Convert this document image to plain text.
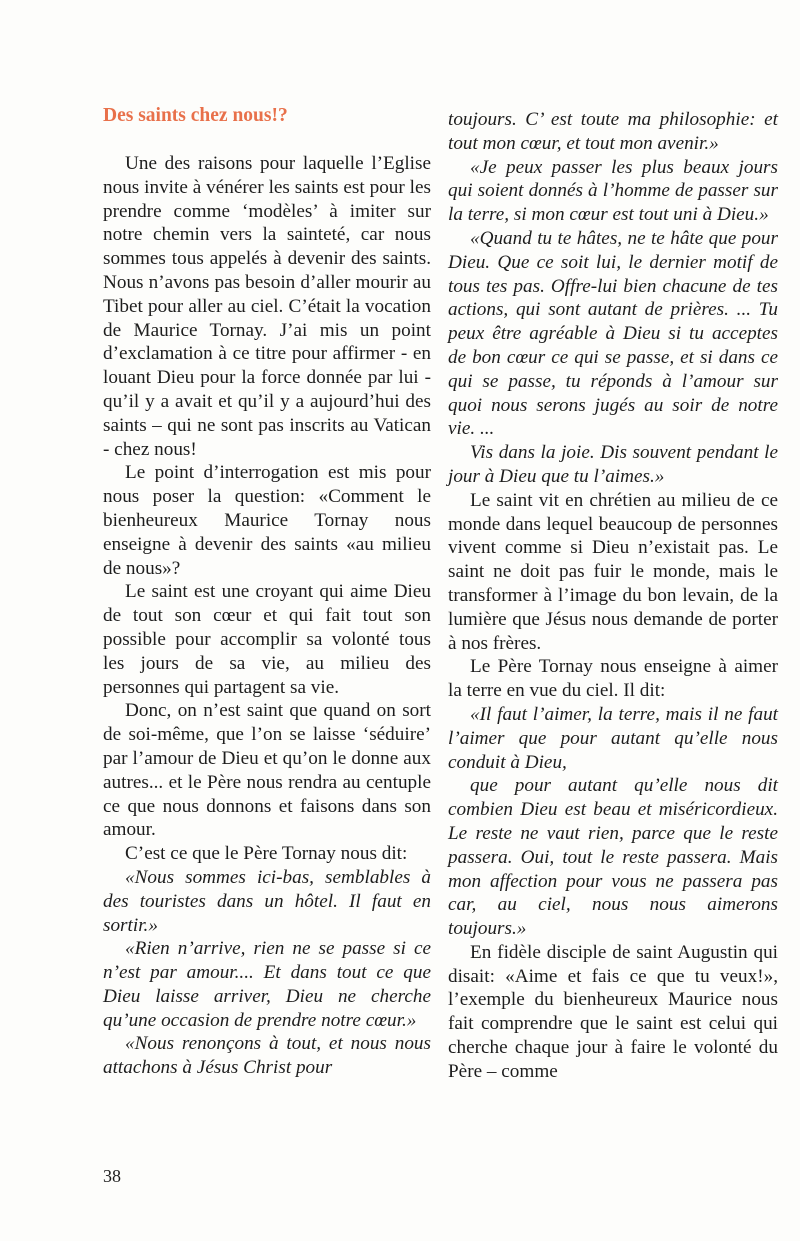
Des saints chez nous!?

Une des raisons pour laquelle l’Eglise nous invite à vénérer les saints est pour les prendre comme ‘modèles’ à imiter sur notre chemin vers la sainteté, car nous sommes tous appelés à devenir des saints. Nous n’avons pas besoin d’aller mourir au Tibet pour aller au ciel. C’était la vocation de Maurice Tornay. J’ai mis un point d’exclamation à ce titre pour affirmer - en louant Dieu pour la force donnée par lui - qu’il y a avait et qu’il y a aujourd’hui des saints – qui ne sont pas inscrits au Vatican - chez nous!

Le point d’interrogation est mis pour nous poser la question: «Comment le bienheureux Maurice Tornay nous enseigne à devenir des saints «au milieu de nous»?

Le saint est une croyant qui aime Dieu de tout son cœur et qui fait tout son possible pour accomplir sa volonté tous les jours de sa vie, au milieu des personnes qui partagent sa vie.

Donc, on n’est saint que quand on sort de soi-même, que l’on se laisse ‘séduire’ par l’amour de Dieu et qu’on le donne aux autres... et le Père nous rendra au centuple ce que nous donnons et faisons dans son amour.

C’est ce que le Père Tornay nous dit:

«Nous sommes ici-bas, semblables à des touristes dans un hôtel. Il faut en sortir.»

«Rien n’arrive, rien ne se passe si ce n’est par amour.... Et dans tout ce que Dieu laisse arriver, Dieu ne cherche qu’une occasion de prendre notre cœur.»

«Nous renonçons à tout, et nous nous attachons à Jésus Christ pour

toujours. C’ est toute ma philosophie: et tout mon cœur, et tout mon avenir.»

«Je peux passer les plus beaux jours qui soient donnés à l’homme de passer sur la terre, si mon cœur est tout uni à Dieu.»

«Quand tu te hâtes, ne te hâte que pour Dieu. Que ce soit lui, le dernier motif de tous tes pas. Offre-lui bien chacune de tes actions, qui sont autant de prières. ... Tu peux être agréable à Dieu si tu acceptes de bon cœur ce qui se passe, et si dans ce qui se passe, tu réponds à l’amour sur quoi nous serons jugés au soir de notre vie. ...

Vis dans la joie. Dis souvent pendant le jour à Dieu que tu l’aimes.»

Le saint vit en chrétien au milieu de ce monde dans lequel beaucoup de personnes vivent comme si Dieu n’existait pas. Le saint ne doit pas fuir le monde, mais le transformer à l’image du bon levain, de la lumière que Jésus nous demande de porter à nos frères.

Le Père Tornay nous enseigne à aimer la terre en vue du ciel. Il dit:

«Il faut l’aimer, la terre, mais il ne faut l’aimer que pour autant qu’elle nous conduit à Dieu,

que pour autant qu’elle nous dit combien Dieu est beau et miséricordieux. Le reste ne vaut rien, parce que le reste passera. Oui, tout le reste passera. Mais mon affection pour vous ne passera pas car, au ciel, nous nous aimerons toujours.»

En fidèle disciple de saint Augustin qui disait: «Aime et fais ce que tu veux!», l’exemple du bienheureux Maurice nous fait comprendre que le saint est celui qui cherche chaque jour à faire le volonté du Père – comme

38
